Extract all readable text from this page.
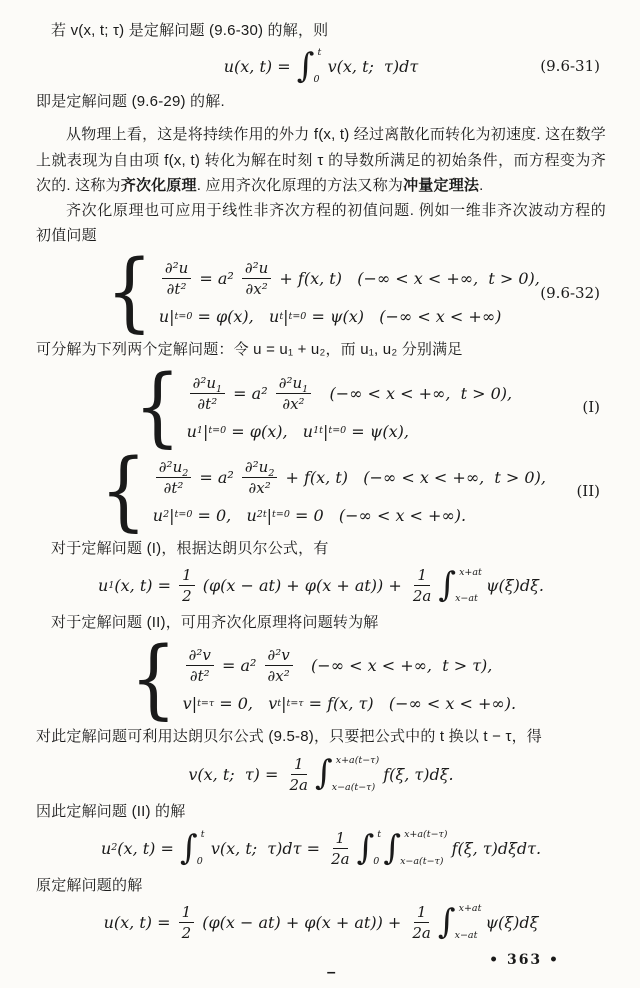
若 v(x, t; τ) 是定解问题 (9.6-30) 的解，则

u(x, t) = ∫ t
0
v(x, t;  τ)dτ	(9.6-31)

即是定解问题 (9.6-29) 的解.

从物理上看，这是将持续作用的外力 f(x, t) 经过离散化而转化为初速度. 这在数学上就表现为自由项 f(x, t) 转化为解在时刻 τ 的导数所满足的初始条件，而方程变为齐次的. 这称为齐次化原理. 应用齐次化原理的方法又称为冲量定理法.

齐次化原理也可应用于线性非齐次方程的初值问题. 例如一维非齐次波动方程的初值问题

{ $\frac{\text{∂²u}}{\text{∂t²}} = a^2 \frac{\text{∂²u}}{\text{∂x²}} + f(x$, t)   (−∞ < x < +∞,  t > 0),
u| t=0 = φ(x),   u t | t=0 = ψ(x)   (−∞ < x < +∞)
(9.6-32)

可分解为下列两个定解问题：令 u = u₁ + u₂，而 u₁, u₂ 分别满足

{ $\frac{\partial^2u_1}{\text{∂t²}} = a^2 \frac{\partial^2u_1}{\text{∂x²}}$ (−∞ < x < +∞,  t > 0),
u 1 | t=0 = φ(x),   u 1t | t=0 = ψ(x),
(I)
{ $\frac{\partial^2u_2}{\text{∂t²}} = a^2 \frac{\partial^2u_2}{\text{∂x²}} + f(x$, t)   (−∞ < x < +∞,  t > 0),
u 2 | t=0 = 0,   u 2t | t=0 = 0   (−∞ < x < +∞).
(II)

对于定解问题 (I)，根据达朗贝尔公式，有

u 1 (x, $t) = \frac{1}{2} (\varphi(x - at) + \varphi(x + at)) + \frac{1}{2a}$ ∫ x+at
x−at
ψ(ξ)dξ.

对于定解问题 (II)，可用齐次化原理将问题转为解

{ $\frac{\text{∂²v}}{\text{∂t²}} = a^2 \frac{\text{∂²v}}{\text{∂x²}}$ (−∞ < x < +∞,  t > τ),
v| t=τ = 0,   v t | t=τ = f(x, τ)   (−∞ < x < +∞).

对此定解问题可利用达朗贝尔公式 (9.5-8)，只要把公式中的 t 换以 t − τ，得

v(x, t;  $\tau) = \frac{1}{2a}$ ∫ x+a(t−τ)
x−a(t−τ)
f(ξ, τ)dξ.

因此定解问题 (II) 的解

u 2 (x, t) = ∫ t
0
v(x, t;  $\tau)d\tau = \frac{1}{2a}$ ∫ t
0 ∫ x+a(t−τ)
x−a(t−τ)
f(ξ, τ)dξdτ.

原定解问题的解

u(x, $t) = \frac{1}{2} (\varphi(x - at) + \varphi(x + at)) + \frac{1}{2a}$ ∫ x+at
x−at
ψ(ξ)dξ
–
• 363 •
